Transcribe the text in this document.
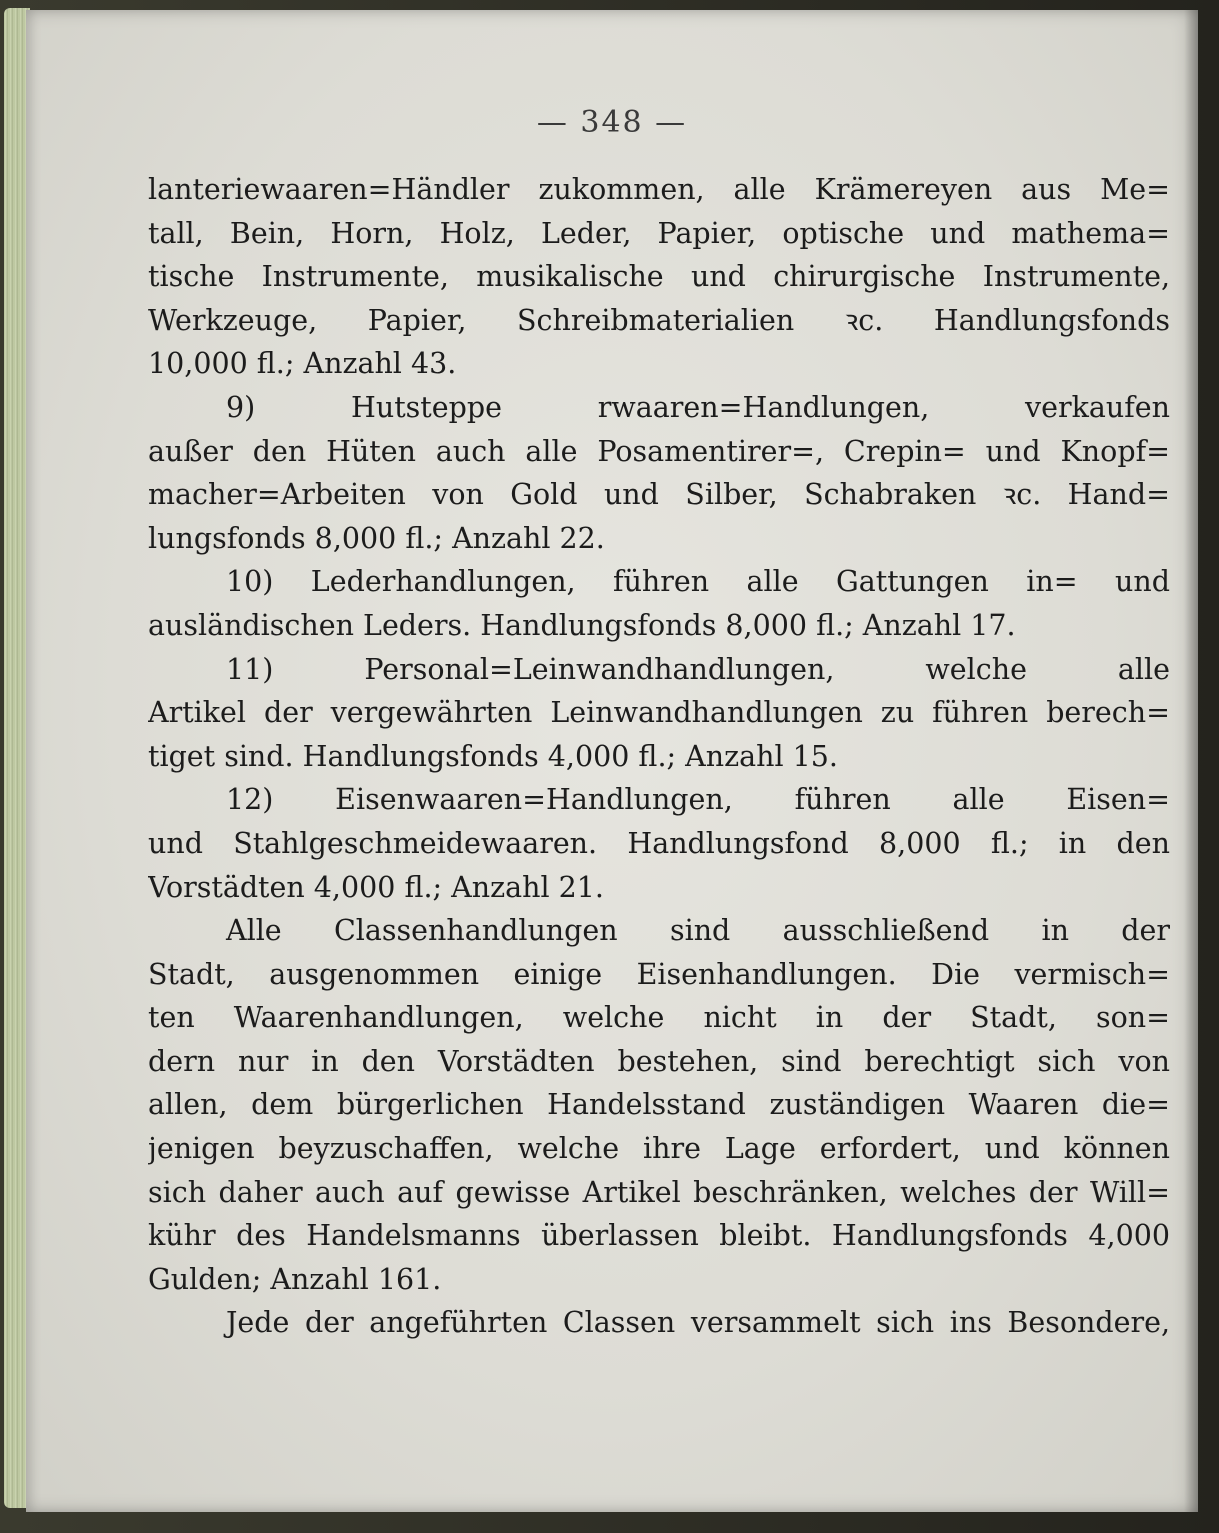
— 348 —
lanteriewaaren=Händler zukommen, alle Krämereyen aus Me=
tall, Bein, Horn, Holz, Leder, Papier, optische und mathema=
tische Instrumente, musikalische und chirurgische Instrumente,
Werkzeuge, Papier, Schreibmaterialien ꝛc. Handlungsfonds
10,000 fl.; Anzahl 43.
9) Hutsteppe rwaaren=Handlungen, verkaufen
außer den Hüten auch alle Posamentirer=, Crepin= und Knopf=
macher=Arbeiten von Gold und Silber, Schabraken ꝛc. Hand=
lungsfonds 8,000 fl.; Anzahl 22.
10) Lederhandlungen, führen alle Gattungen in= und
ausländischen Leders. Handlungsfonds 8,000 fl.; Anzahl 17.
11) Personal=Leinwandhandlungen, welche alle
Artikel der vergewährten Leinwandhandlungen zu führen berech=
tiget sind. Handlungsfonds 4,000 fl.; Anzahl 15.
12) Eisenwaaren=Handlungen, führen alle Eisen=
und Stahlgeschmeidewaaren. Handlungsfond 8,000 fl.; in den
Vorstädten 4,000 fl.; Anzahl 21.
Alle Classenhandlungen sind ausschließend in der
Stadt, ausgenommen einige Eisenhandlungen. Die vermisch=
ten Waarenhandlungen, welche nicht in der Stadt, son=
dern nur in den Vorstädten bestehen, sind berechtigt sich von
allen, dem bürgerlichen Handelsstand zuständigen Waaren die=
jenigen beyzuschaffen, welche ihre Lage erfordert, und können
sich daher auch auf gewisse Artikel beschränken, welches der Will=
kühr des Handelsmanns überlassen bleibt. Handlungsfonds 4,000
Gulden; Anzahl 161.
Jede der angeführten Classen versammelt sich ins Besondere,
